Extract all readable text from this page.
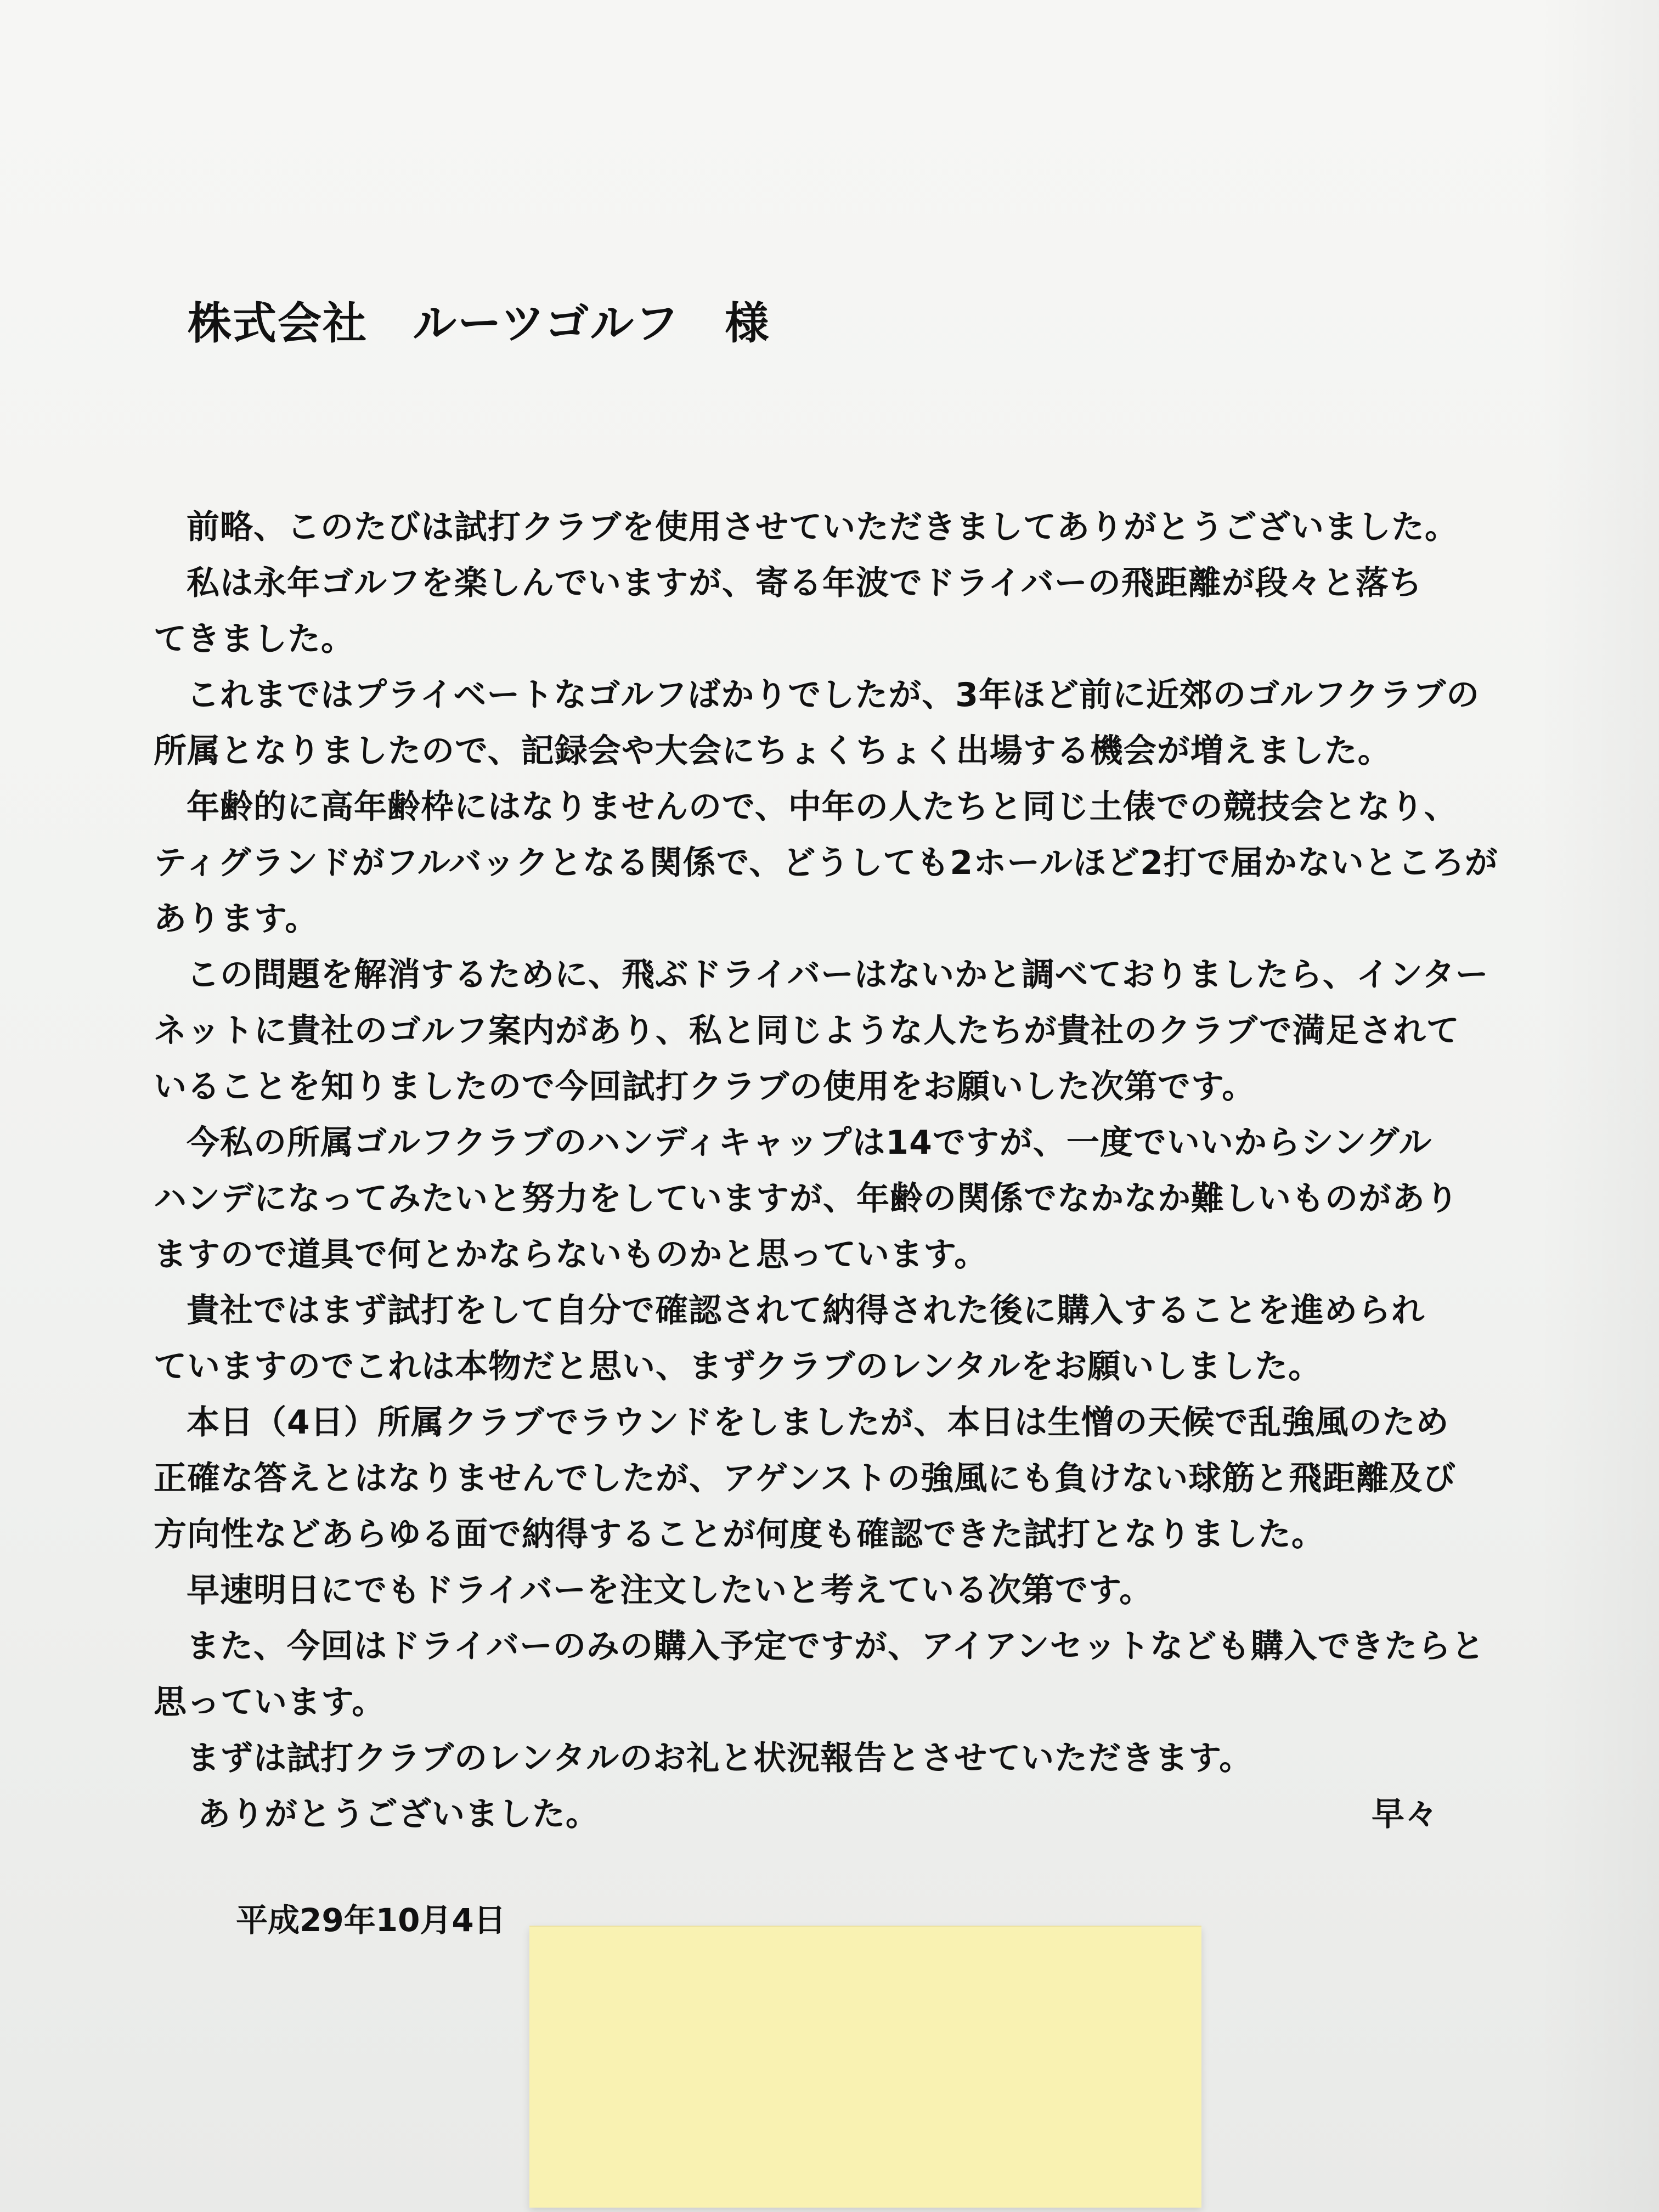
株式会社　ルーツゴルフ　様
前略、このたびは試打クラブを使用させていただきましてありがとうございました。
私は永年ゴルフを楽しんでいますが、寄る年波でドライバーの飛距離が段々と落ち
てきました。
これまではプライベートなゴルフばかりでしたが、3年ほど前に近郊のゴルフクラブの
所属となりましたので、記録会や大会にちょくちょく出場する機会が増えました。
年齢的に高年齢枠にはなりませんので、中年の人たちと同じ土俵での競技会となり、
ティグランドがフルバックとなる関係で、どうしても2ホールほど2打で届かないところが
あります。
この問題を解消するために、飛ぶドライバーはないかと調べておりましたら、インター
ネットに貴社のゴルフ案内があり、私と同じような人たちが貴社のクラブで満足されて
いることを知りましたので今回試打クラブの使用をお願いした次第です。
今私の所属ゴルフクラブのハンディキャップは14ですが、一度でいいからシングル
ハンデになってみたいと努力をしていますが、年齢の関係でなかなか難しいものがあり
ますので道具で何とかならないものかと思っています。
貴社ではまず試打をして自分で確認されて納得された後に購入することを進められ
ていますのでこれは本物だと思い、まずクラブのレンタルをお願いしました。
本日（4日）所属クラブでラウンドをしましたが、本日は生憎の天候で乱強風のため
正確な答えとはなりませんでしたが、アゲンストの強風にも負けない球筋と飛距離及び
方向性などあらゆる面で納得することが何度も確認できた試打となりました。
早速明日にでもドライバーを注文したいと考えている次第です。
また、今回はドライバーのみの購入予定ですが、アイアンセットなども購入できたらと
思っています。
まずは試打クラブのレンタルのお礼と状況報告とさせていただきます。
ありがとうございました。	早々
平成29年10月4日
